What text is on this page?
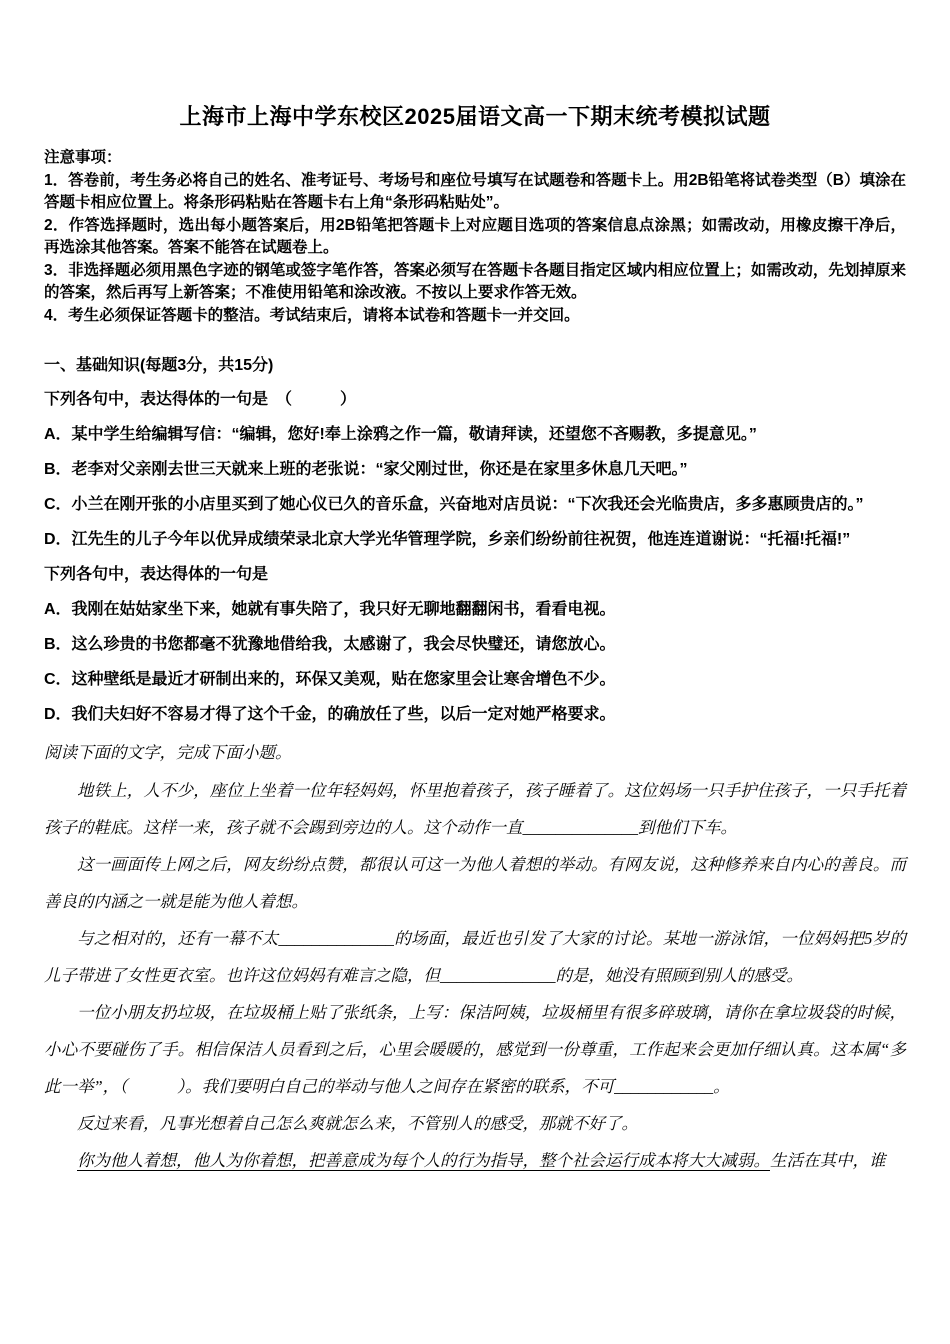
上海市上海中学东校区2025届语文高一下期末统考模拟试题

注意事项：

1．答卷前，考生务必将自己的姓名、准考证号、考场号和座位号填写在试题卷和答题卡上。用2B铅笔将试卷类型（B）填涂在答题卡相应位置上。将条形码粘贴在答题卡右上角“条形码粘贴处”。

2．作答选择题时，选出每小题答案后，用2B铅笔把答题卡上对应题目选项的答案信息点涂黑；如需改动，用橡皮擦干净后，再选涂其他答案。答案不能答在试题卷上。

3．非选择题必须用黑色字迹的钢笔或签字笔作答，答案必须写在答题卡各题目指定区域内相应位置上；如需改动，先划掉原来的答案，然后再写上新答案；不准使用铅笔和涂改液。不按以上要求作答无效。

4．考生必须保证答题卡的整洁。考试结束后，请将本试卷和答题卡一并交回。

一、基础知识(每题3分，共15分)

下列各句中，表达得体的一句是　（　　　）

A．某中学生给编辑写信：“编辑，您好!奉上涂鸦之作一篇，敬请拜读，还望您不吝赐教，多提意见。”

B．老李对父亲刚去世三天就来上班的老张说：“家父刚过世，你还是在家里多休息几天吧。”

C．小兰在刚开张的小店里买到了她心仪已久的音乐盒，兴奋地对店员说：“下次我还会光临贵店，多多惠顾贵店的。”

D．江先生的儿子今年以优异成绩荣录北京大学光华管理学院，乡亲们纷纷前往祝贺，他连连道谢说：“托福!托福!”

下列各句中，表达得体的一句是

A．我刚在姑姑家坐下来，她就有事失陪了，我只好无聊地翻翻闲书，看看电视。

B．这么珍贵的书您都毫不犹豫地借给我，太感谢了，我会尽快璧还，请您放心。

C．这种壁纸是最近才研制出来的，环保又美观，贴在您家里会让寒舍增色不少。

D．我们夫妇好不容易才得了这个千金，的确放任了些，以后一定对她严格要求。

阅读下面的文字，完成下面小题。

地铁上，人不少，座位上坐着一位年轻妈妈，怀里抱着孩子，孩子睡着了。这位妈场一只手护住孩子，一只手托着孩子的鞋底。这样一来，孩子就不会踢到旁边的人。这个动作一直______________到他们下车。

这一画面传上网之后，网友纷纷点赞，都很认可这一为他人着想的举动。有网友说，这种修养来自内心的善良。而善良的内涵之一就是能为他人着想。

与之相对的，还有一幕不太______________的场面，最近也引发了大家的讨论。某地一游泳馆，一位妈妈把5岁的儿子带进了女性更衣室。也许这位妈妈有难言之隐，但______________的是，她没有照顾到别人的感受。

一位小朋友扔垃圾，在垃圾桶上贴了张纸条，上写：保洁阿姨，垃圾桶里有很多碎玻璃，请你在拿垃圾袋的时候，小心不要碰伤了手。相信保洁人员看到之后，心里会暖暖的，感觉到一份尊重，工作起来会更加仔细认真。这本属“多此一举”，（　　　）。我们要明白自己的举动与他人之间存在紧密的联系，不可____________。

反过来看，凡事光想着自己怎么爽就怎么来，不管别人的感受，那就不好了。

你为他人着想，他人为你着想，把善意成为每个人的行为指导，整个社会运行成本将大大减弱。生活在其中，谁
